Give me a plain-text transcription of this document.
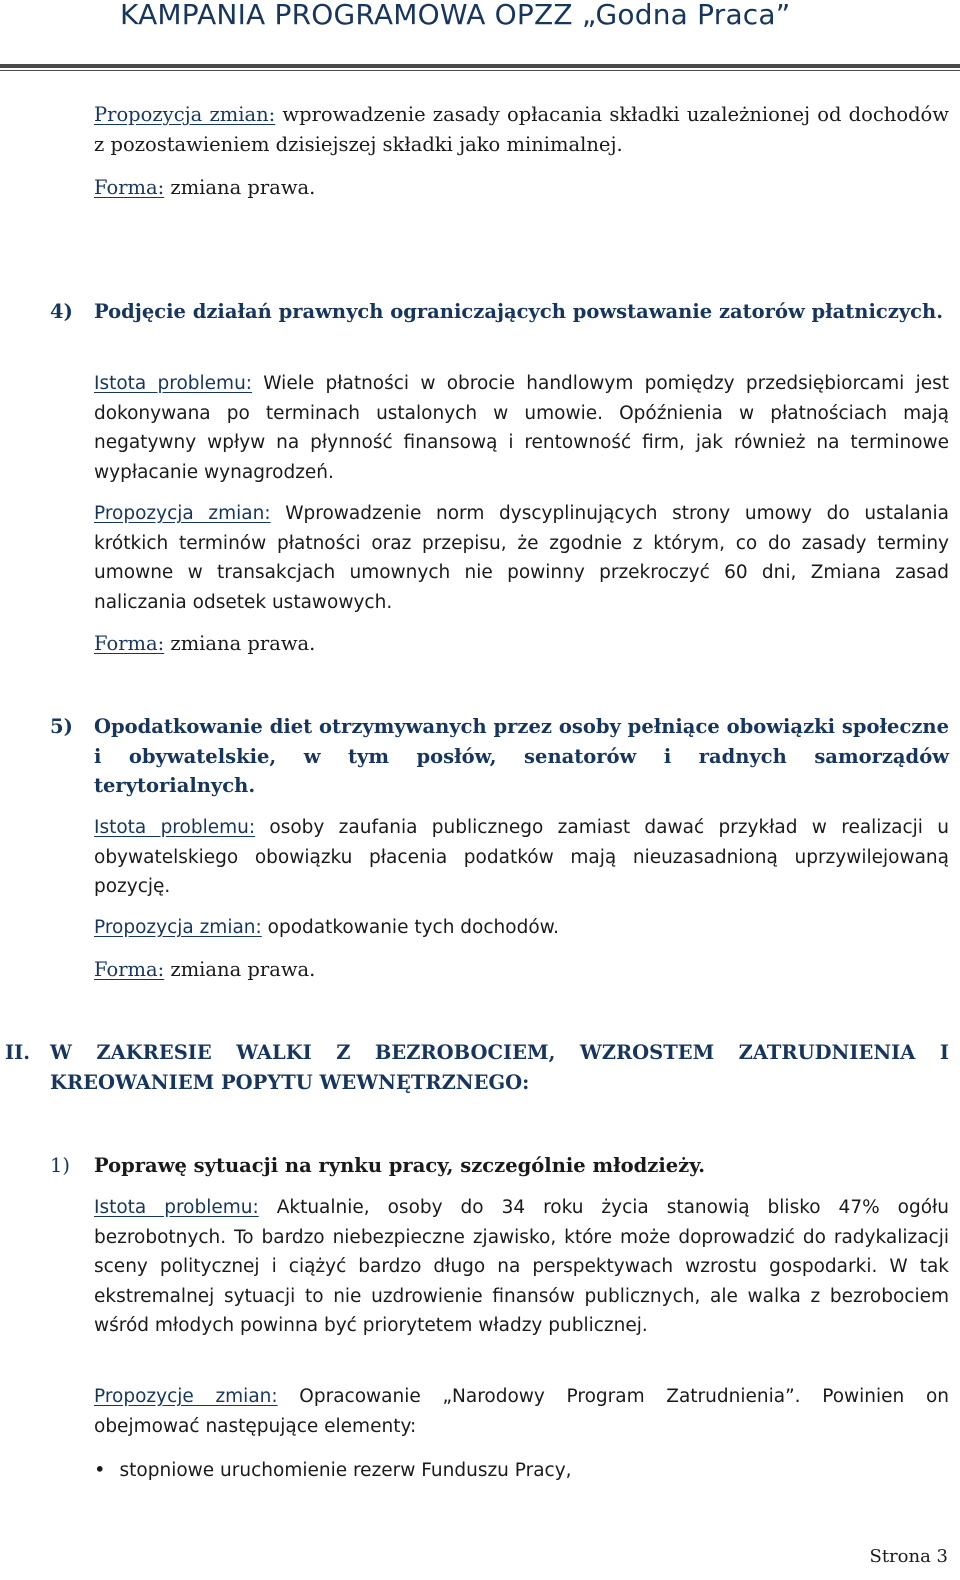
KAMPANIA PROGRAMOWA OPZZ „Godna Praca”
Propozycja zmian: wprowadzenie zasady opłacania składki uzależnionej od dochodów z pozostawieniem dzisiejszej składki jako minimalnej.
Forma: zmiana prawa.
4) Podjęcie działań prawnych ograniczających powstawanie zatorów płatniczych.
Istota problemu: Wiele płatności w obrocie handlowym pomiędzy przedsiębiorcami jest dokonywana po terminach ustalonych w umowie. Opóźnienia w płatnościach mają negatywny wpływ na płynność finansową i rentowność firm, jak również na terminowe wypłacanie wynagrodzeń.
Propozycja zmian: Wprowadzenie norm dyscyplinujących strony umowy do ustalania krótkich terminów płatności oraz przepisu, że zgodnie z którym, co do zasady terminy umowne w transakcjach umownych nie powinny przekroczyć 60 dni, Zmiana zasad naliczania odsetek ustawowych.
Forma: zmiana prawa.
5) Opodatkowanie diet otrzymywanych przez osoby pełniące obowiązki społeczne i obywatelskie, w tym posłów, senatorów i radnych samorządów terytorialnych.
Istota problemu: osoby zaufania publicznego zamiast dawać przykład w realizacji u obywatelskiego obowiązku płacenia podatków mają nieuzasadnioną uprzywilejowaną pozycję.
Propozycja zmian: opodatkowanie tych dochodów.
Forma: zmiana prawa.
II. W ZAKRESIE WALKI Z BEZROBOCIEM, WZROSTEM ZATRUDNIENIA I KREOWANIEM POPYTU WEWNĘTRZNEGO:
1) Poprawę sytuacji na rynku pracy, szczególnie młodzieży.
Istota problemu: Aktualnie, osoby do 34 roku życia stanowią blisko 47% ogółu bezrobotnych. To bardzo niebezpieczne zjawisko, które może doprowadzić do radykalizacji sceny politycznej i ciążyć bardzo długo na perspektywach wzrostu gospodarki. W tak ekstremalnej sytuacji to nie uzdrowienie finansów publicznych, ale walka z bezrobociem wśród młodych powinna być priorytetem władzy publicznej.
Propozycje zmian: Opracowanie „Narodowy Program Zatrudnienia”. Powinien on obejmować następujące elementy:
• stopniowe uruchomienie rezerw Funduszu Pracy,
Strona 3
